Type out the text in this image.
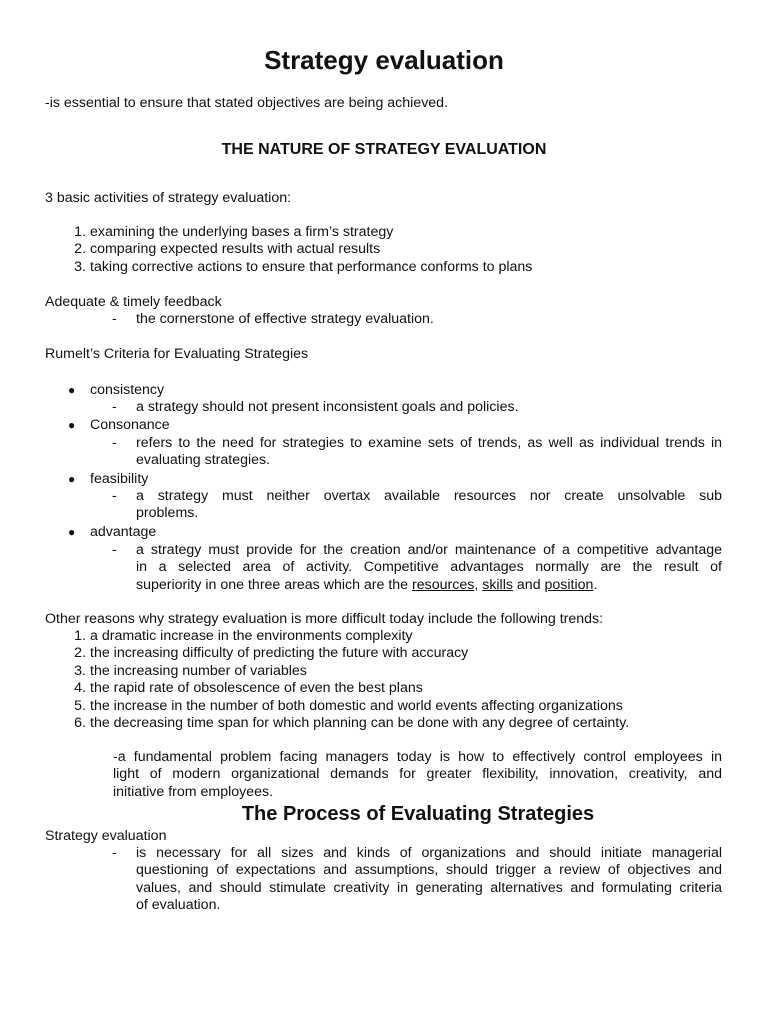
Strategy evaluation
-is essential to ensure that stated objectives are being achieved.
THE NATURE OF STRATEGY EVALUATION
3 basic activities of strategy evaluation:
1. examining the underlying bases a firm’s strategy
2. comparing expected results with actual results
3. taking corrective actions to ensure that performance conforms to plans
Adequate & timely feedback
- the cornerstone of effective strategy evaluation.
Rumelt’s Criteria for Evaluating Strategies
● consistency
- a strategy should not present inconsistent goals and policies.
● Consonance
- refers to the need for strategies to examine sets of trends, as well as individual trends in
evaluating strategies.
● feasibility
- a strategy must neither overtax available resources nor create unsolvable sub
problems.
● advantage
- a strategy must provide for the creation and/or maintenance of a competitive advantage
in a selected area of activity. Competitive advantages normally are the result of
superiority in one three areas which are the resources, skills and position.
Other reasons why strategy evaluation is more difficult today include the following trends:
1. a dramatic increase in the environments complexity
2. the increasing difficulty of predicting the future with accuracy
3. the increasing number of variables
4. the rapid rate of obsolescence of even the best plans
5. the increase in the number of both domestic and world events affecting organizations
6. the decreasing time span for which planning can be done with any degree of certainty.
-a fundamental problem facing managers today is how to effectively control employees in
light of modern organizational demands for greater flexibility, innovation, creativity, and
initiative from employees.
The Process of Evaluating Strategies
Strategy evaluation
- is necessary for all sizes and kinds of organizations and should initiate managerial
questioning of expectations and assumptions, should trigger a review of objectives and
values, and should stimulate creativity in generating alternatives and formulating criteria
of evaluation.
